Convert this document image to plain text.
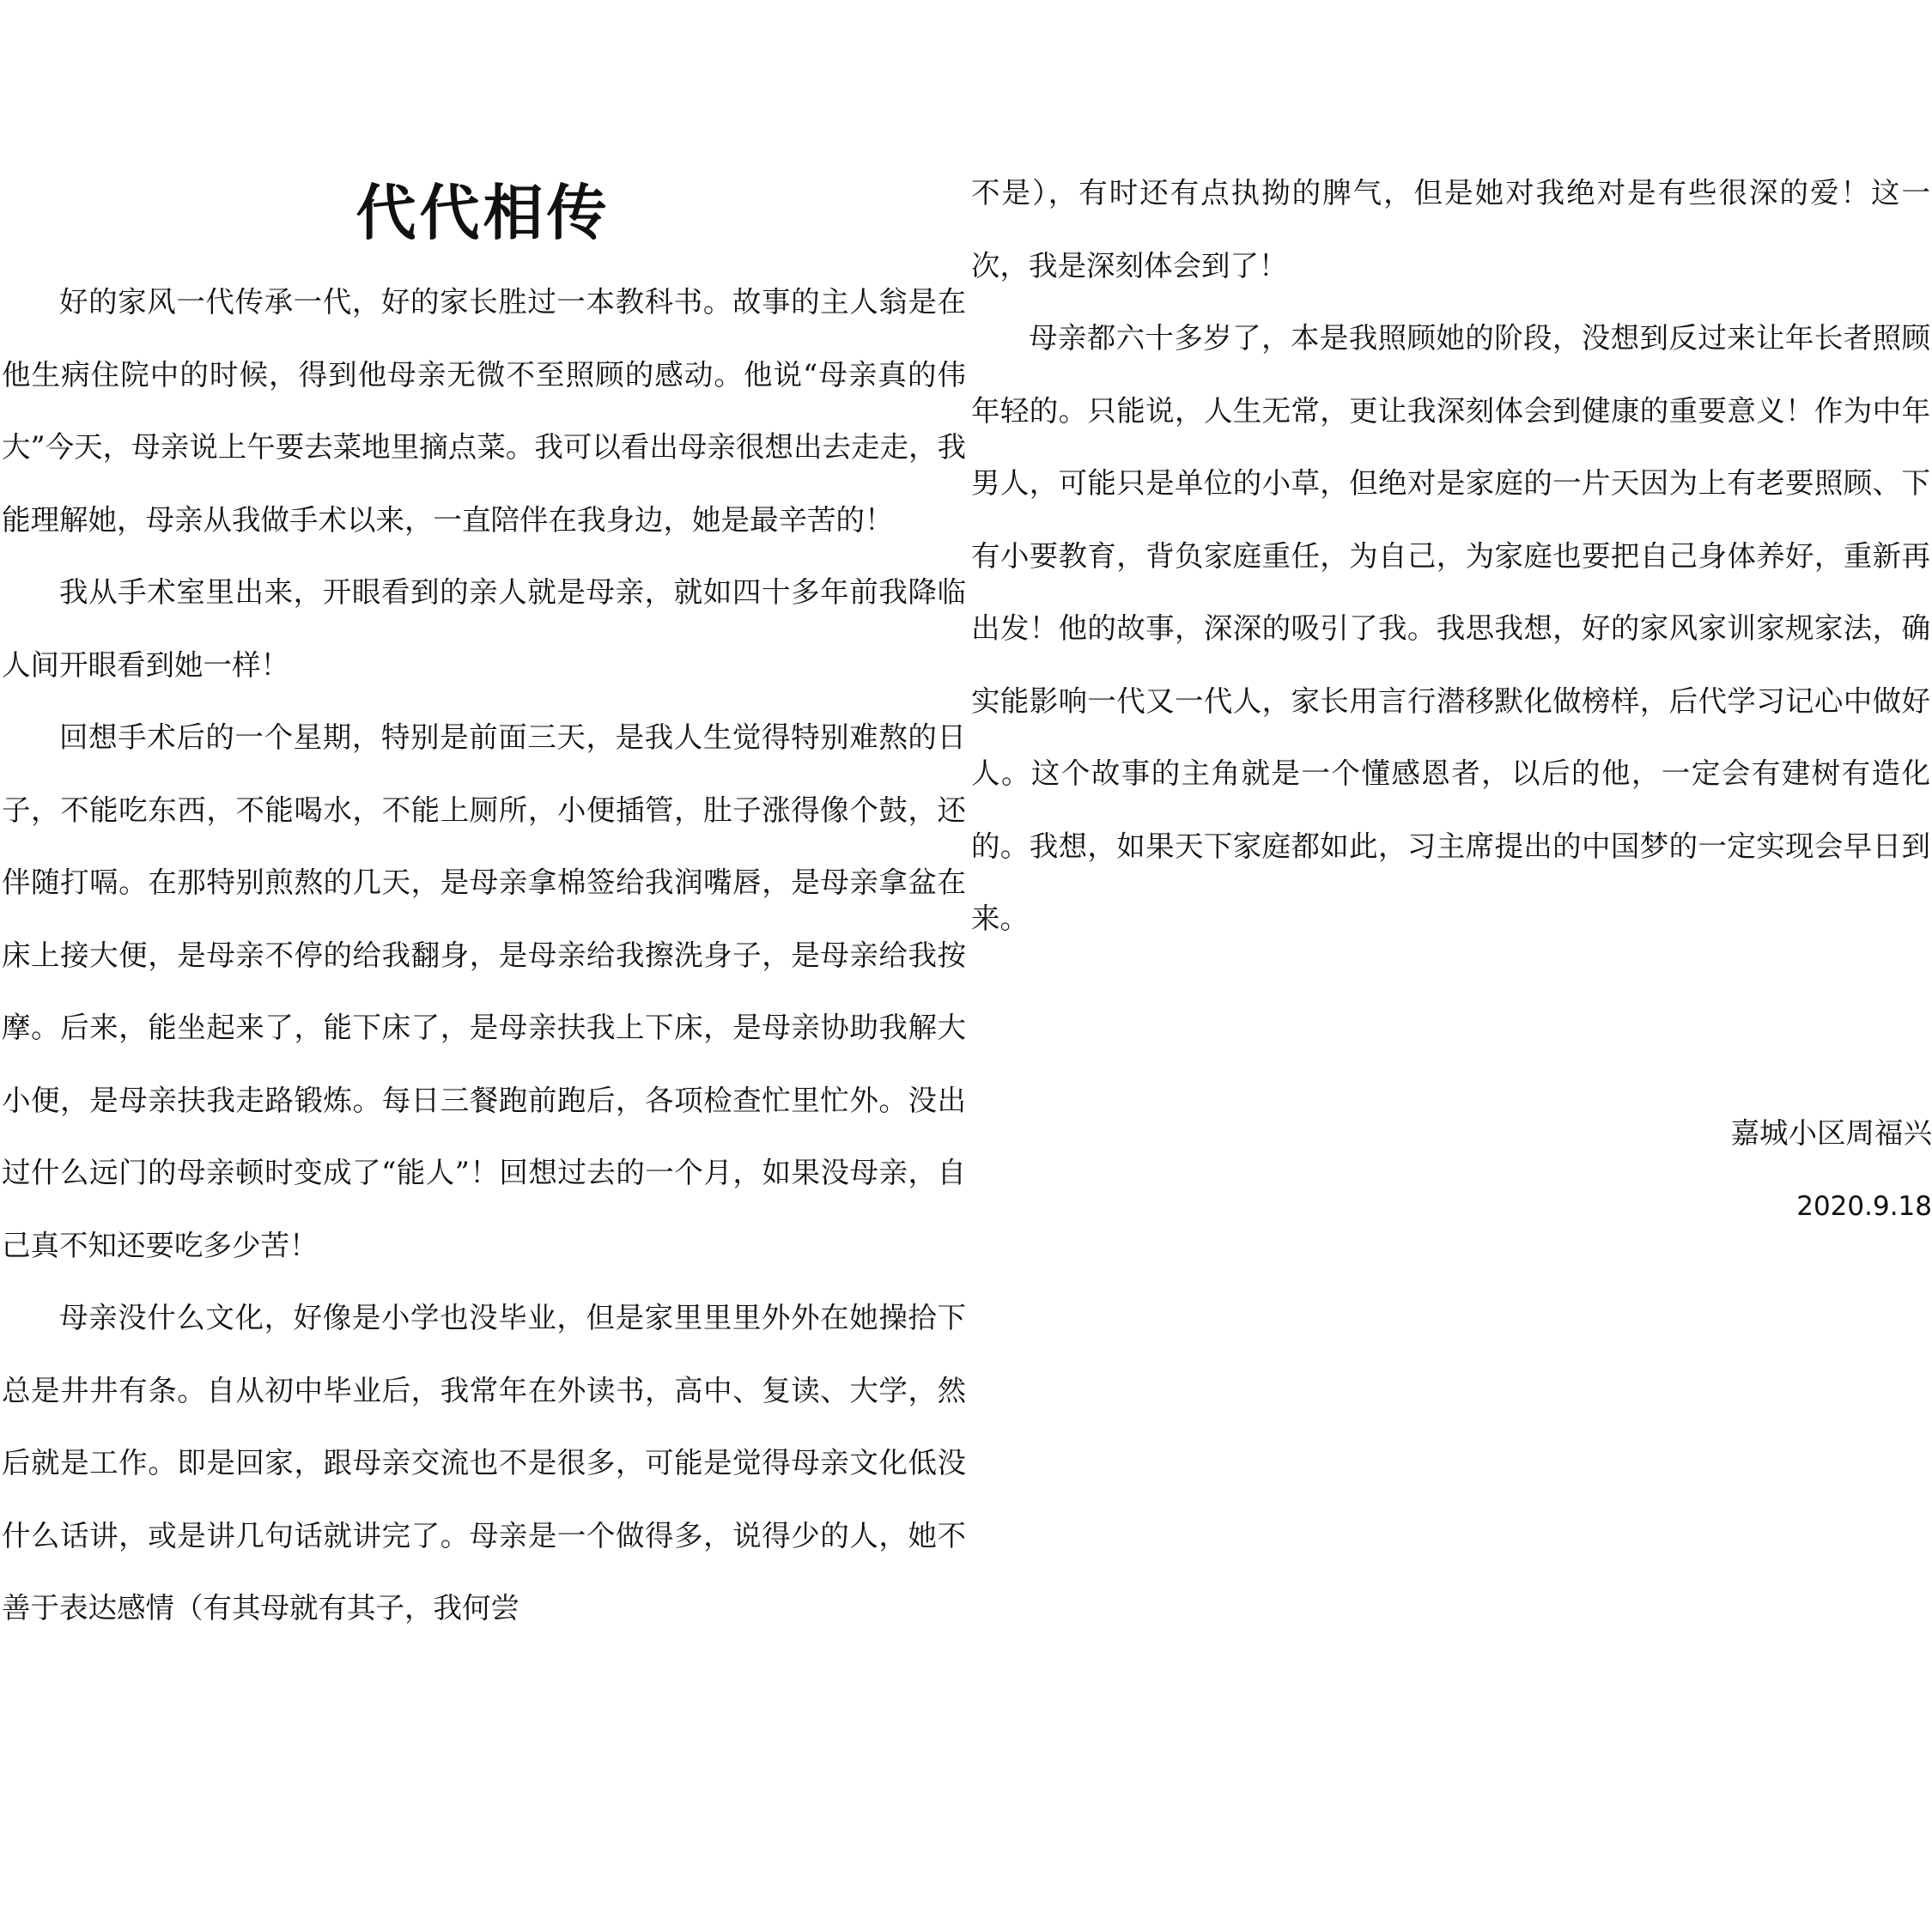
代代相传

好的家风一代传承一代，好的家长胜过一本教科书。故事的主人翁是在他生病住院中的时候，得到他母亲无微不至照顾的感动。他说“母亲真的伟大”今天，母亲说上午要去菜地里摘点菜。我可以看出母亲很想出去走走，我能理解她，母亲从我做手术以来，一直陪伴在我身边，她是最辛苦的！

我从手术室里出来，开眼看到的亲人就是母亲，就如四十多年前我降临人间开眼看到她一样！

回想手术后的一个星期，特别是前面三天，是我人生觉得特别难熬的日子，不能吃东西，不能喝水，不能上厕所，小便插管，肚子涨得像个鼓，还伴随打嗝。在那特别煎熬的几天，是母亲拿棉签给我润嘴唇，是母亲拿盆在床上接大便，是母亲不停的给我翻身，是母亲给我擦洗身子，是母亲给我按摩。后来，能坐起来了，能下床了，是母亲扶我上下床，是母亲协助我解大小便，是母亲扶我走路锻炼。每日三餐跑前跑后，各项检查忙里忙外。没出过什么远门的母亲顿时变成了“能人”！回想过去的一个月，如果没母亲，自己真不知还要吃多少苦！

母亲没什么文化，好像是小学也没毕业，但是家里里里外外在她操拾下总是井井有条。自从初中毕业后，我常年在外读书，高中、复读、大学，然后就是工作。即是回家，跟母亲交流也不是很多，可能是觉得母亲文化低没什么话讲，或是讲几句话就讲完了。母亲是一个做得多，说得少的人，她不善于表达感情（有其母就有其子，我何尝

不是），有时还有点执拗的脾气，但是她对我绝对是有些很深的爱！这一次，我是深刻体会到了！

母亲都六十多岁了，本是我照顾她的阶段，没想到反过来让年长者照顾年轻的。只能说，人生无常，更让我深刻体会到健康的重要意义！作为中年男人，可能只是单位的小草，但绝对是家庭的一片天因为上有老要照顾、下有小要教育，背负家庭重任，为自己，为家庭也要把自己身体养好，重新再出发！他的故事，深深的吸引了我。我思我想，好的家风家训家规家法，确实能影响一代又一代人，家长用言行潜移默化做榜样，后代学习记心中做好人。这个故事的主角就是一个懂感恩者，以后的他，一定会有建树有造化的。我想，如果天下家庭都如此，习主席提出的中国梦的一定实现会早日到来。

嘉城小区周福兴
2020.9.18
